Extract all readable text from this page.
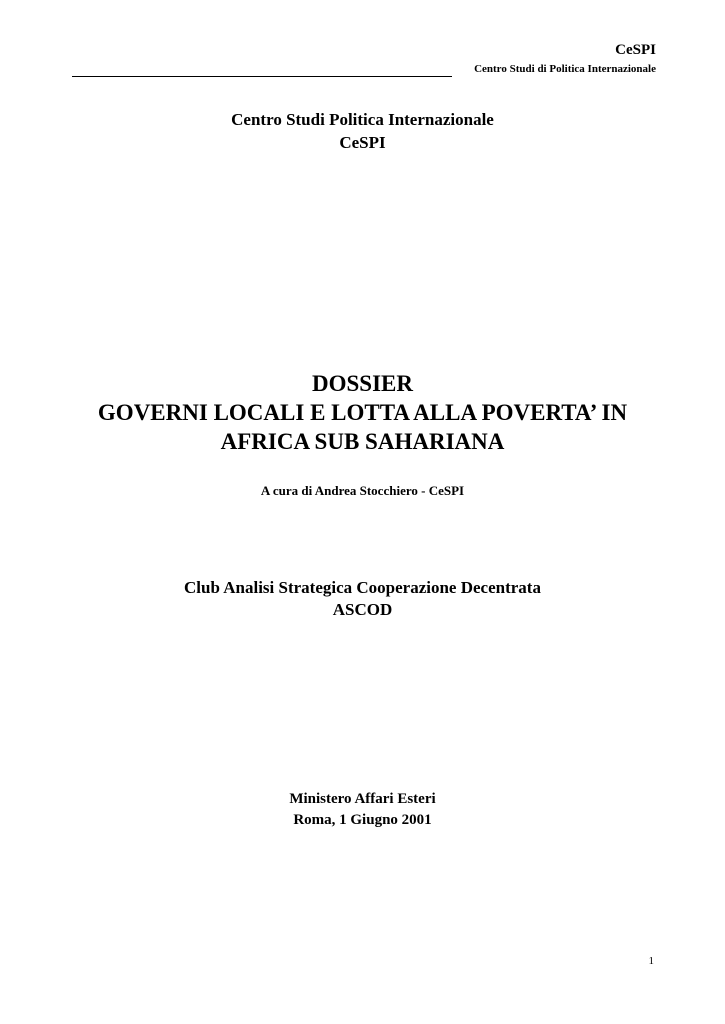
CeSPI
Centro Studi di Politica Internazionale
Centro Studi Politica Internazionale
CeSPI
DOSSIER
GOVERNI LOCALI E LOTTA ALLA POVERTA’ IN
AFRICA SUB SAHARIANA
A cura di Andrea Stocchiero - CeSPI
Club Analisi Strategica Cooperazione Decentrata
ASCOD
Ministero Affari Esteri
Roma, 1 Giugno 2001
1
